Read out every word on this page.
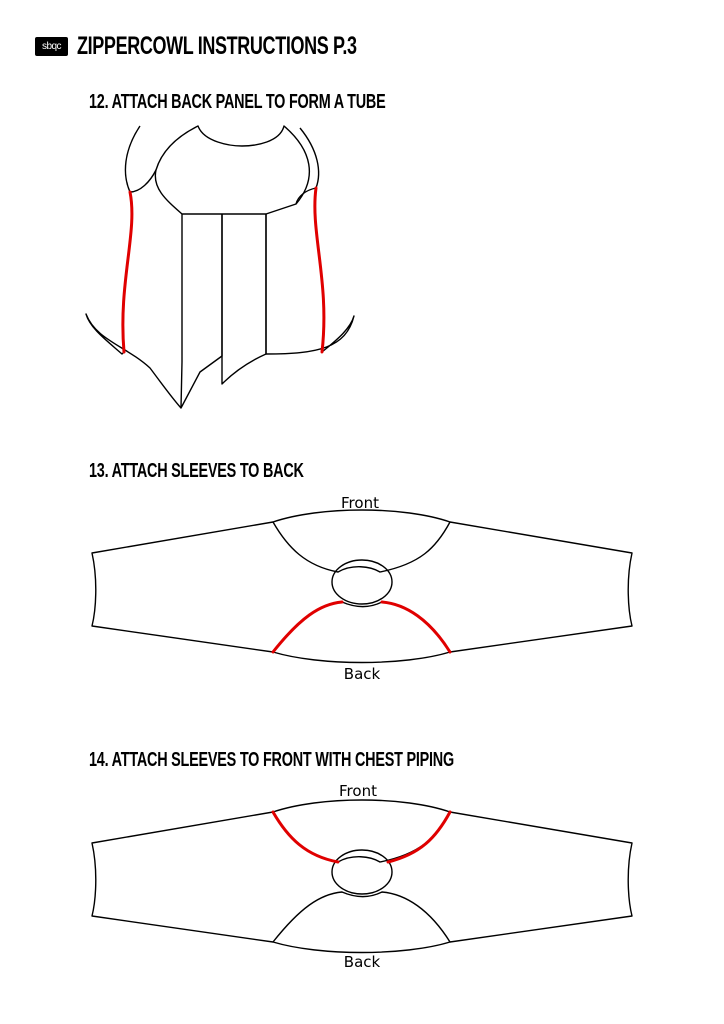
sbqc ZIPPERCOWL INSTRUCTIONS P.3
12. ATTACH BACK PANEL TO FORM A TUBE
13. ATTACH SLEEVES TO BACK
Front
Back
14. ATTACH SLEEVES TO FRONT WITH CHEST PIPING
Front
Back
